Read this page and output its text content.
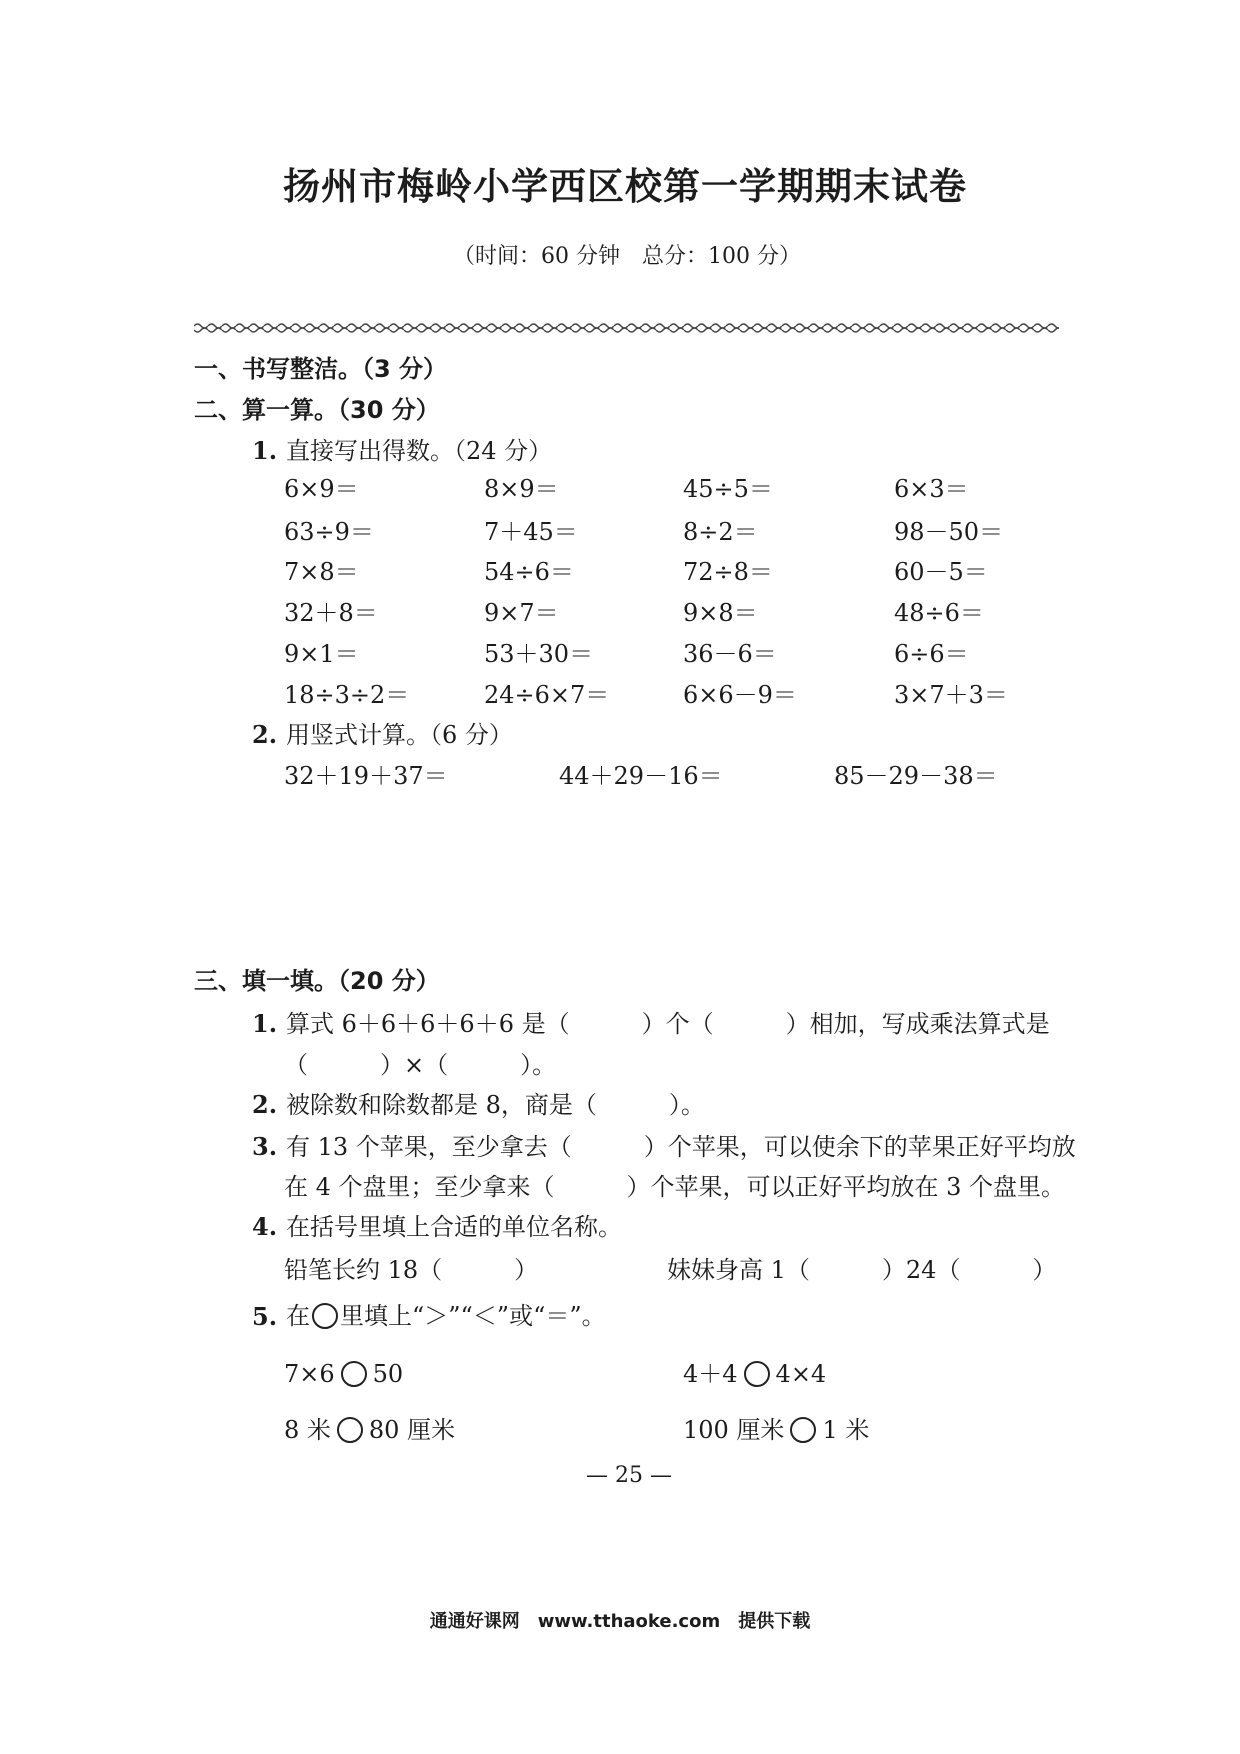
扬州市梅岭小学西区校第一学期期末试卷
（时间：60 分钟　总分：100 分）
一、书写整洁。（3 分）
二、算一算。（30 分）
1. 直接写出得数。（24 分）
6×9＝	8×9＝	45÷5＝	6×3＝
63÷9＝	7＋45＝	8÷2＝	98－50＝
7×8＝	54÷6＝	72÷8＝	60－5＝
32＋8＝	9×7＝	9×8＝	48÷6＝
9×1＝	53＋30＝	36－6＝	6÷6＝
18÷3÷2＝	24÷6×7＝	6×6－9＝	3×7＋3＝
2. 用竖式计算。（6 分）
32＋19＋37＝	44＋29－16＝	85－29－38＝
三、填一填。（20 分）
1. 算式 6＋6＋6＋6＋6 是（　　　）个（　　　）相加，写成乘法算式是
（　　　）×（　　　）。
2. 被除数和除数都是 8，商是（　　　）。
3. 有 13 个苹果，至少拿去（　　　）个苹果，可以使余下的苹果正好平均放
在 4 个盘里；至少拿来（　　　）个苹果，可以正好平均放在 3 个盘里。
4. 在括号里填上合适的单位名称。
铅笔长约 18（　　　）	妹妹身高 1（　　　）24（　　　）
5. 在 里填上“＞”“＜”或“＝”。
7×6 50	4＋4 4×4
8 米 80 厘米	100 厘米 1 米
— 25 —
通通好课网　www.tthaoke.com　提供下载
